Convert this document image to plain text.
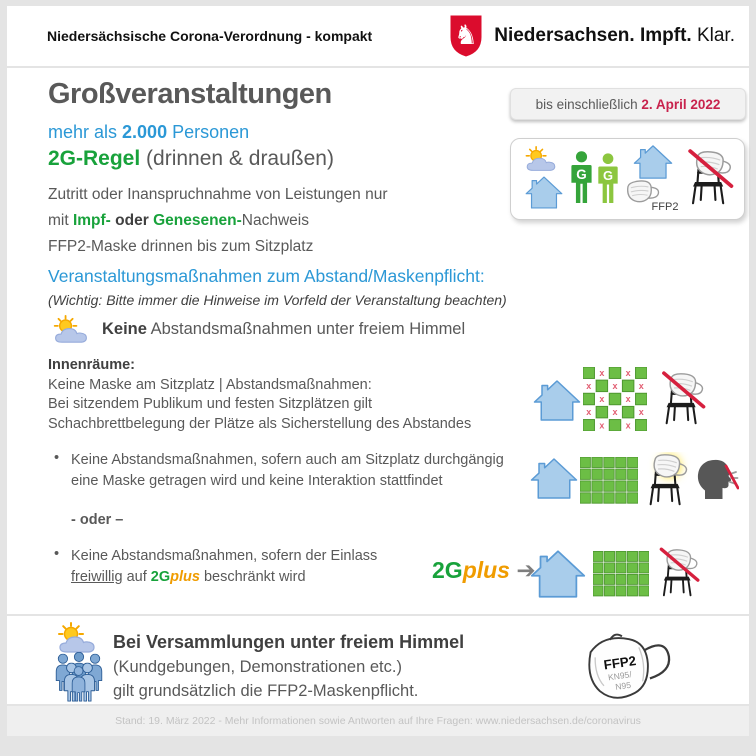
Niedersächsische Corona-Verordnung - kompakt	♞ Niedersachsen. Impft. Klar.
Großveranstaltungen	bis einschließlich 2. April 2022
mehr als 2.000 Personen
2G-Regel (drinnen & draußen)
FFP2
Zutritt oder Inanspruchnahme von Leistungen nur
mit Impf- oder Genesenen-Nachweis
FFP2-Maske drinnen bis zum Sitzplatz
Veranstaltungsmaßnahmen zum Abstand/Maskenpflicht:
(Wichtig: Bitte immer die Hinweise im Vorfeld der Veranstaltung beachten)
Keine Abstandsmaßnahmen unter freiem Himmel
Innenräume:
Keine Maske am Sitzplatz | Abstandsmaßnahmen:
Bei sitzendem Publikum und festen Sitzplätzen gilt
Schachbrettbelegung der Plätze als Sicherstellung des Abstandes
• Keine Abstandsmaßnahmen, sofern auch am Sitzplatz durchgängig
eine Maske getragen wird und keine Interaktion stattfindet
- oder –
• Keine Abstandsmaßnahmen, sofern der Einlass
freiwillig auf 2Gplus beschränkt wird	2Gplus ➔
Bei Versammlungen unter freiem Himmel
(Kundgebungen, Demonstrationen etc.)
gilt grundsätzlich die FFP2-Maskenpflicht.
FFP2
KN95/
N95
Stand: 19. März 2022 - Mehr Informationen sowie Antworten auf Ihre Fragen: www.niedersachsen.de/coronavirus
